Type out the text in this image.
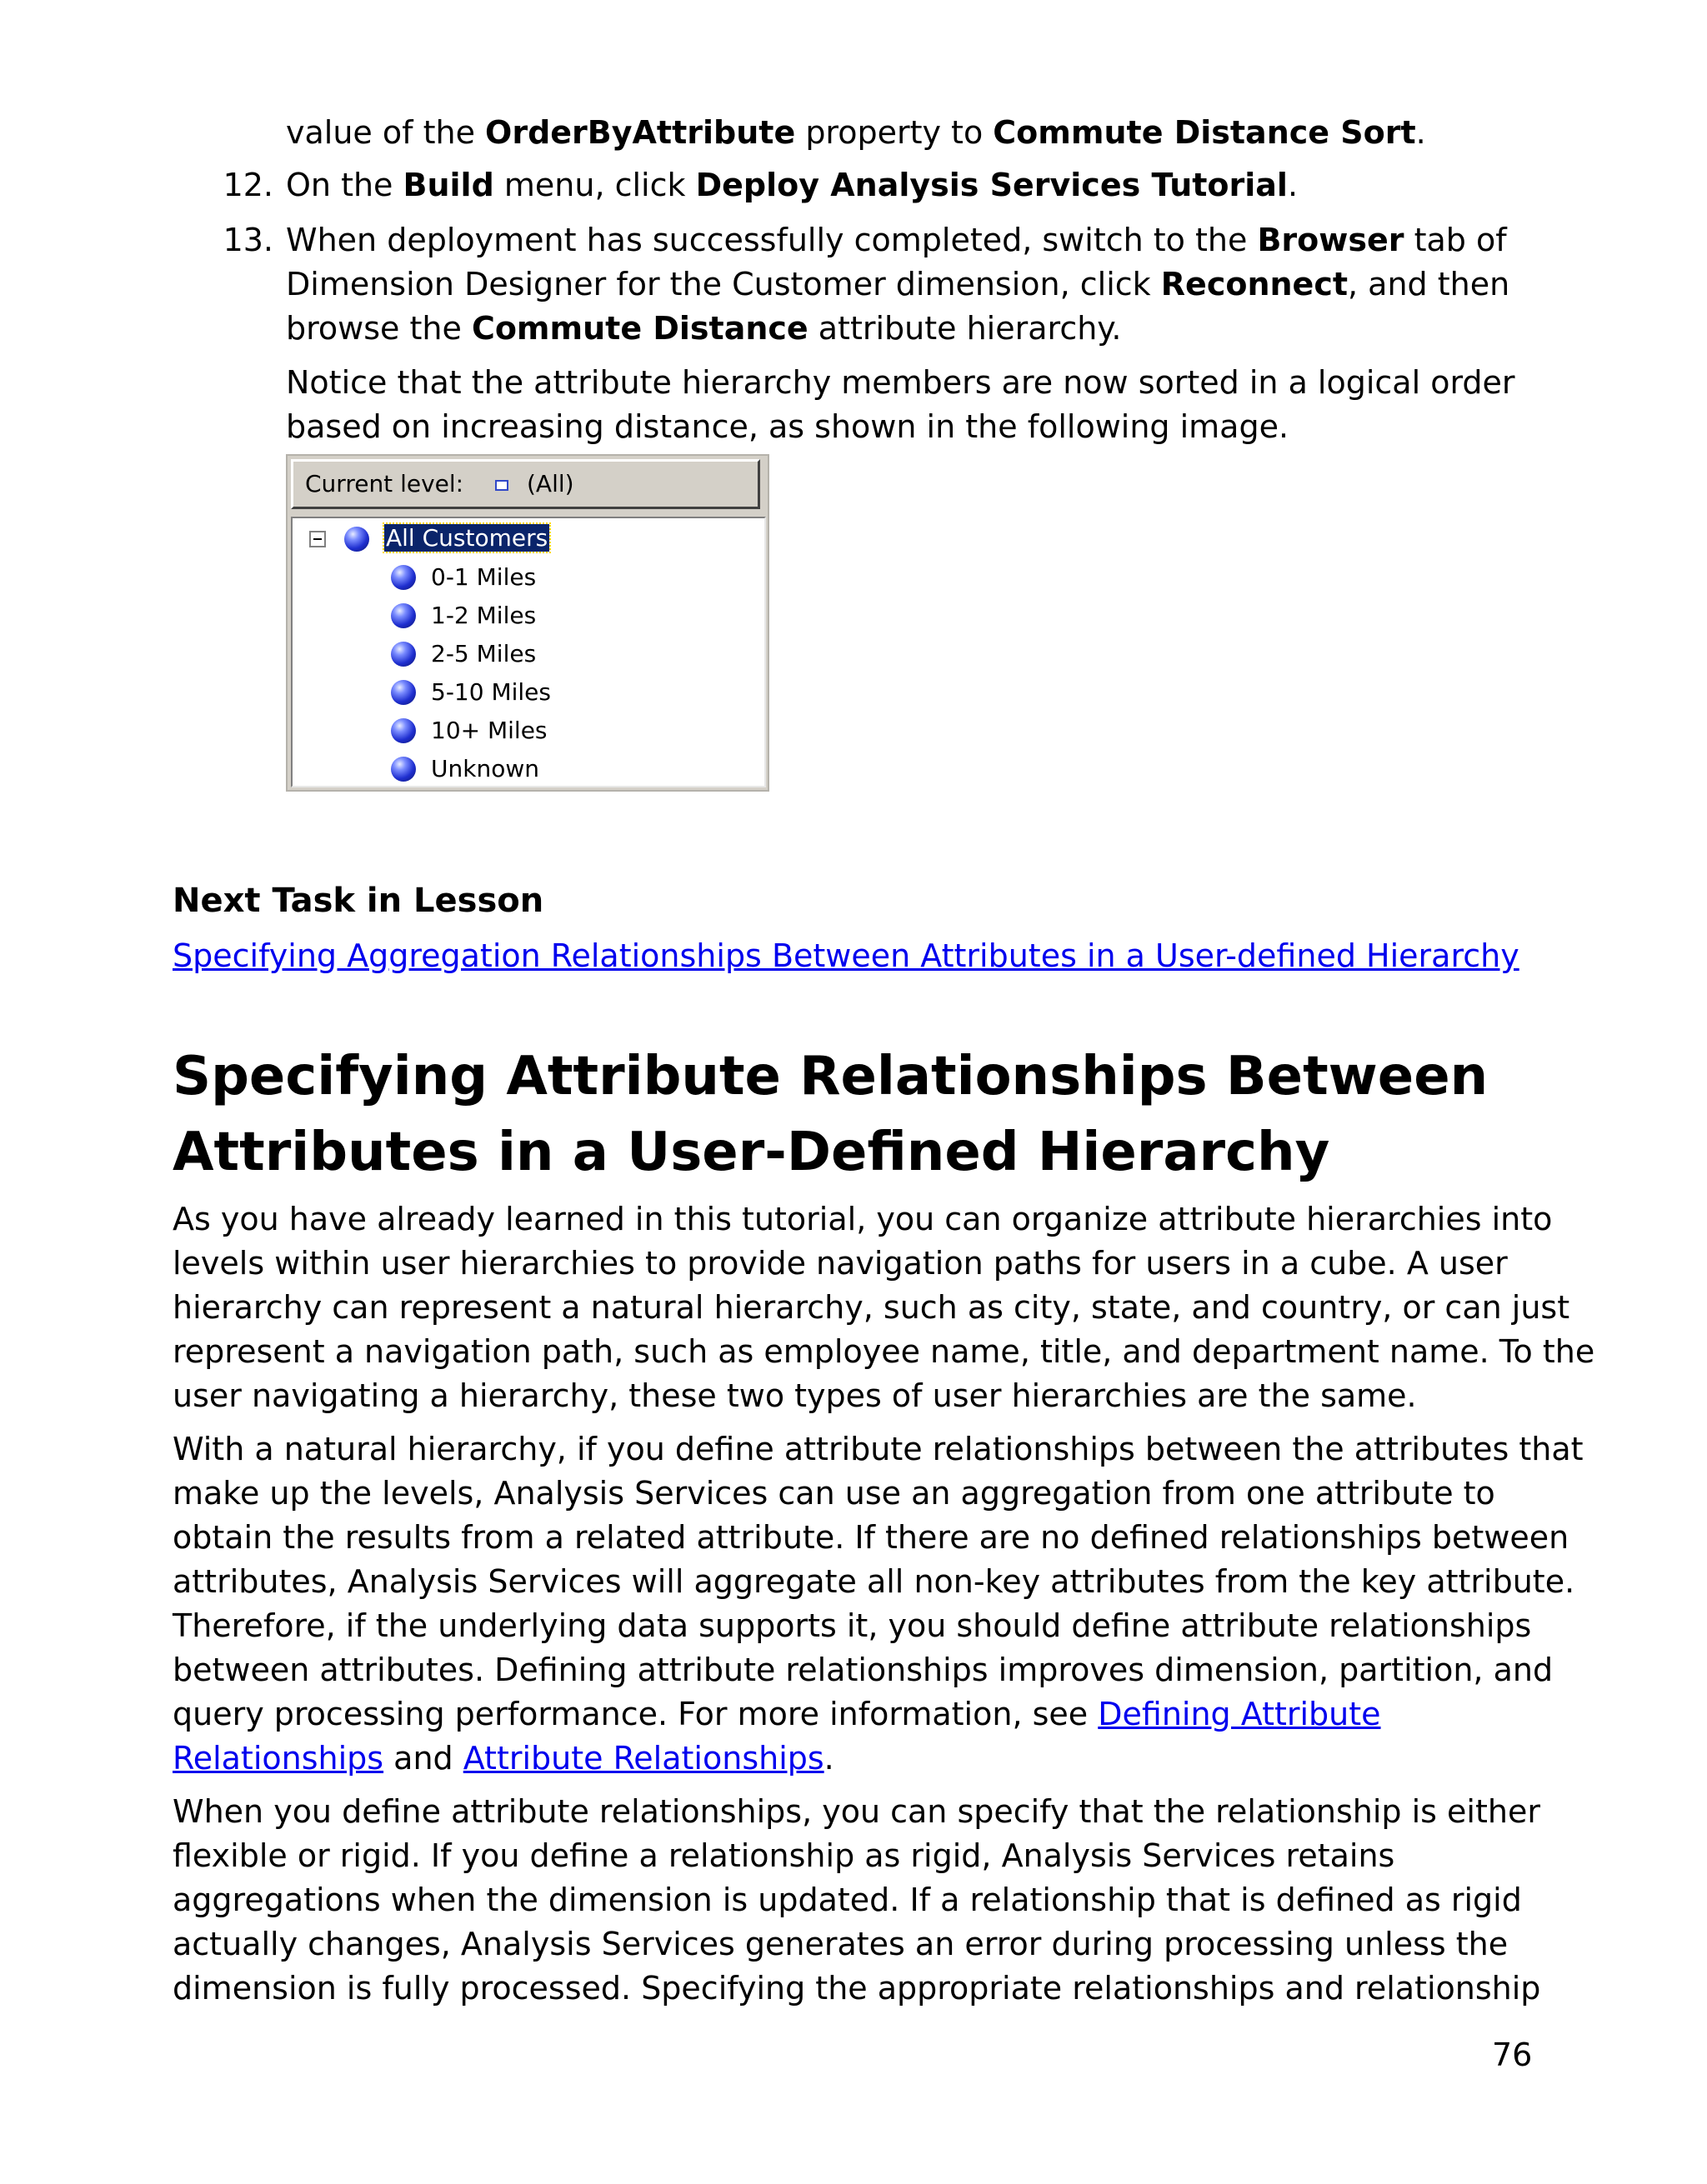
value of the OrderByAttribute property to Commute Distance Sort.
12. On the Build menu, click Deploy Analysis Services Tutorial.
13. When deployment has successfully completed, switch to the Browser tab of
Dimension Designer for the Customer dimension, click Reconnect, and then
browse the Commute Distance attribute hierarchy.
Notice that the attribute hierarchy members are now sorted in a logical order
based on increasing distance, as shown in the following image.
Current level:	(All)
All Customers
0-1 Miles
1-2 Miles
2-5 Miles
5-10 Miles
10+ Miles
Unknown
Next Task in Lesson
Specifying Aggregation Relationships Between Attributes in a User-defined Hierarchy
Specifying Attribute Relationships Between
Attributes in a User-Defined Hierarchy
As you have already learned in this tutorial, you can organize attribute hierarchies into
levels within user hierarchies to provide navigation paths for users in a cube. A user
hierarchy can represent a natural hierarchy, such as city, state, and country, or can just
represent a navigation path, such as employee name, title, and department name. To the
user navigating a hierarchy, these two types of user hierarchies are the same.
With a natural hierarchy, if you define attribute relationships between the attributes that
make up the levels, Analysis Services can use an aggregation from one attribute to
obtain the results from a related attribute. If there are no defined relationships between
attributes, Analysis Services will aggregate all non-key attributes from the key attribute.
Therefore, if the underlying data supports it, you should define attribute relationships
between attributes. Defining attribute relationships improves dimension, partition, and
query processing performance. For more information, see Defining Attribute
Relationships and Attribute Relationships.
When you define attribute relationships, you can specify that the relationship is either
flexible or rigid. If you define a relationship as rigid, Analysis Services retains
aggregations when the dimension is updated. If a relationship that is defined as rigid
actually changes, Analysis Services generates an error during processing unless the
dimension is fully processed. Specifying the appropriate relationships and relationship
76
